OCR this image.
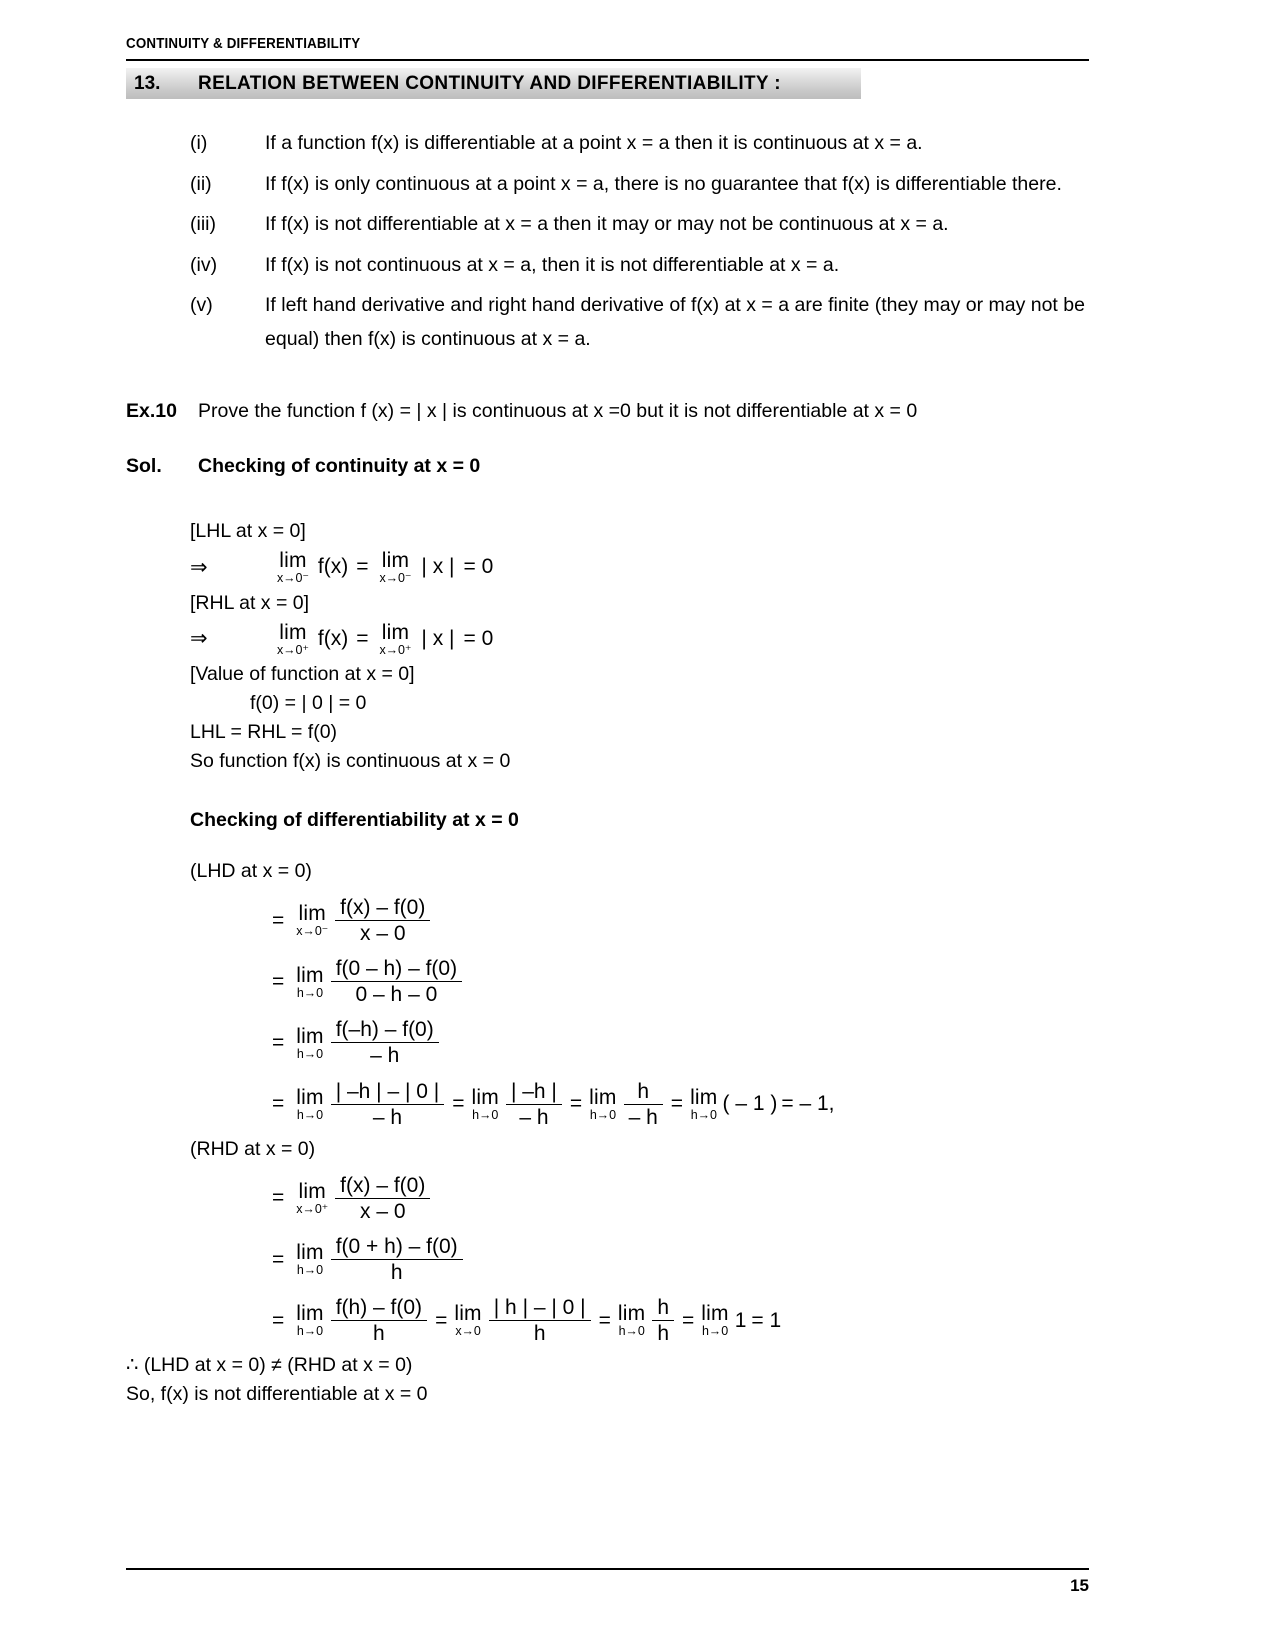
CONTINUITY & DIFFERENTIABILITY
13.	RELATION BETWEEN CONTINUITY AND DIFFERENTIABILITY :
(i)	If a function f(x) is differentiable at a point x = a then it is continuous at x = a.
(ii)	If f(x) is only continuous at a point x = a, there is no guarantee that f(x) is differentiable there.
(iii)	If f(x) is not differentiable at x = a then it may or may not be continuous at x = a.
(iv)	If f(x) is not continuous at x = a, then it is not differentiable at x = a.
(v)	If left hand derivative and right hand derivative of f(x) at x = a are finite (they may or may not be equal) then f(x) is continuous at x = a.
Ex.10	Prove the function f (x) = | x | is continuous at x =0 but it is not differentiable at x = 0
Sol.	Checking of continuity at x = 0
[LHL at x = 0]
⇒	lim
x→0⁻ f(x) = lim
x→0⁻ | x | = 0
[RHL at x = 0]
⇒	lim
x→0⁺ f(x) = lim
x→0⁺ | x | = 0
[Value of function at x = 0]
f(0) = | 0 | = 0
LHL = RHL = f(0)
So function f(x) is continuous at x = 0
Checking of differentiability at x = 0
(LHD at x = 0)
= lim
$x\to 0^- \frac{f(x) - f(0)}{x - 0}$
= lim
$h\to 0 \frac{f(0 - h) - f(0)}{0 - h - 0}$
= lim
$h\to 0 \frac{f(-h) - f(0)}{- h}$
= lim
$h\to 0 \frac{| -h | - | 0 |}{- h} = \lim$
$h\to 0 \frac{| -h |}{- h} = \lim$
$h\to 0 \frac{h}{- h} = \lim$
h→0 ( – 1 ) = – 1,
(RHD at x = 0)
= lim
$x\to 0^+ \frac{f(x) - f(0)}{x - 0}$
= lim
$h\to 0 \frac{f(0 + h) - f(0)}{h}$
= lim
$h\to 0 \frac{f(h) - f(0)}{h} = \lim$
$x\to 0 \frac{| h | - | 0 |}{h} = \lim$
$h\to 0 \frac{h}{h} = \lim$
h→0 1 = 1
∴ (LHD at x = 0) ≠ (RHD at x = 0)
So, f(x) is not differentiable at x = 0
15
